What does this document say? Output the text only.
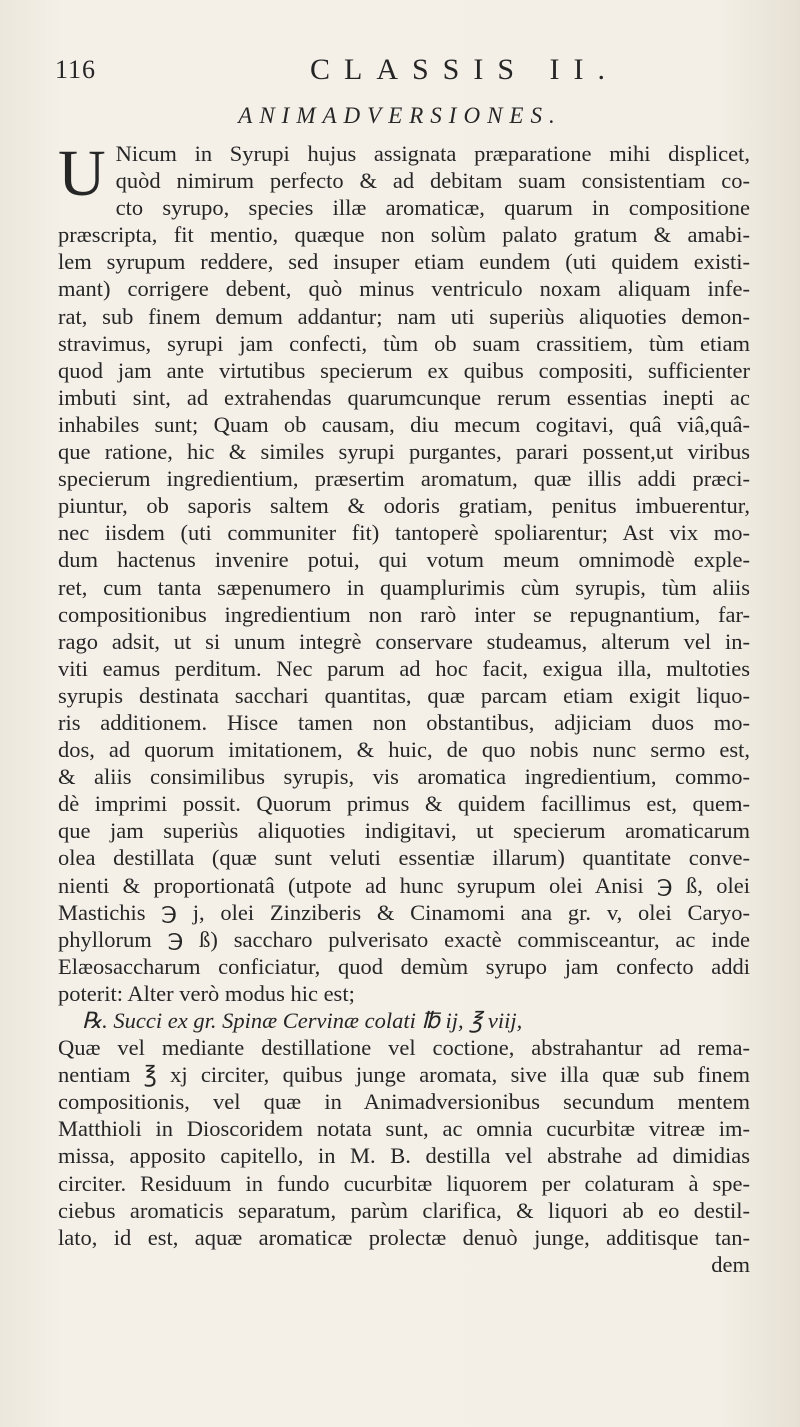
116	CLASSIS II.
ANIMADVERSIONES.
U Nicum in Syrupi hujus assignata præparatione mihi displicet,
quòd nimirum perfecto & ad debitam suam consistentiam co-
cto syrupo, species illæ aromaticæ, quarum in compositione
præscripta, fit mentio, quæque non solùm palato gratum & amabi-
lem syrupum reddere, sed insuper etiam eundem (uti quidem existi-
mant) corrigere debent, quò minus ventriculo noxam aliquam infe-
rat, sub finem demum addantur; nam uti superiùs aliquoties demon-
stravimus, syrupi jam confecti, tùm ob suam crassitiem, tùm etiam
quod jam ante virtutibus specierum ex quibus compositi, sufficienter
imbuti sint, ad extrahendas quarumcunque rerum essentias inepti ac
inhabiles sunt; Quam ob causam, diu mecum cogitavi, quâ viâ,quâ-
que ratione, hic & similes syrupi purgantes, parari possent,ut viribus
specierum ingredientium, præsertim aromatum, quæ illis addi præci-
piuntur, ob saporis saltem & odoris gratiam, penitus imbuerentur,
nec iisdem (uti communiter fit) tantoperè spoliarentur; Ast vix mo-
dum hactenus invenire potui, qui votum meum omnimodè exple-
ret, cum tanta sæpenumero in quamplurimis cùm syrupis, tùm aliis
compositionibus ingredientium non rarò inter se repugnantium, far-
rago adsit, ut si unum integrè conservare studeamus, alterum vel in-
viti eamus perditum. Nec parum ad hoc facit, exigua illa, multoties
syrupis destinata sacchari quantitas, quæ parcam etiam exigit liquo-
ris additionem. Hisce tamen non obstantibus, adjiciam duos mo-
dos, ad quorum imitationem, & huic, de quo nobis nunc sermo est,
& aliis consimilibus syrupis, vis aromatica ingredientium, commo-
dè imprimi possit. Quorum primus & quidem facillimus est, quem-
que jam superiùs aliquoties indigitavi, ut specierum aromaticarum
olea destillata (quæ sunt veluti essentiæ illarum) quantitate conve-
nienti & proportionatâ (utpote ad hunc syrupum olei Anisi ℈ ß, olei
Mastichis ℈ j, olei Zinziberis & Cinamomi ana gr. v, olei Caryo-
phyllorum ℈ ß) saccharo pulverisato exactè commisceantur, ac inde
Elæosaccharum conficiatur, quod demùm syrupo jam confecto addi
poterit: Alter verò modus hic est;
℞. Succi ex gr. Spinæ Cervinæ colati ℔ ij, ℥ viij,
Quæ vel mediante destillatione vel coctione, abstrahantur ad rema-
nentiam ℥ xj circiter, quibus junge aromata, sive illa quæ sub finem
compositionis, vel quæ in Animadversionibus secundum mentem
Matthioli in Dioscoridem notata sunt, ac omnia cucurbitæ vitreæ im-
missa, apposito capitello, in M. B. destilla vel abstrahe ad dimidias
circiter. Residuum in fundo cucurbitæ liquorem per colaturam à spe-
ciebus aromaticis separatum, parùm clarifica, & liquori ab eo destil-
lato, id est, aquæ aromaticæ prolectæ denuò junge, additisque tan-
dem
